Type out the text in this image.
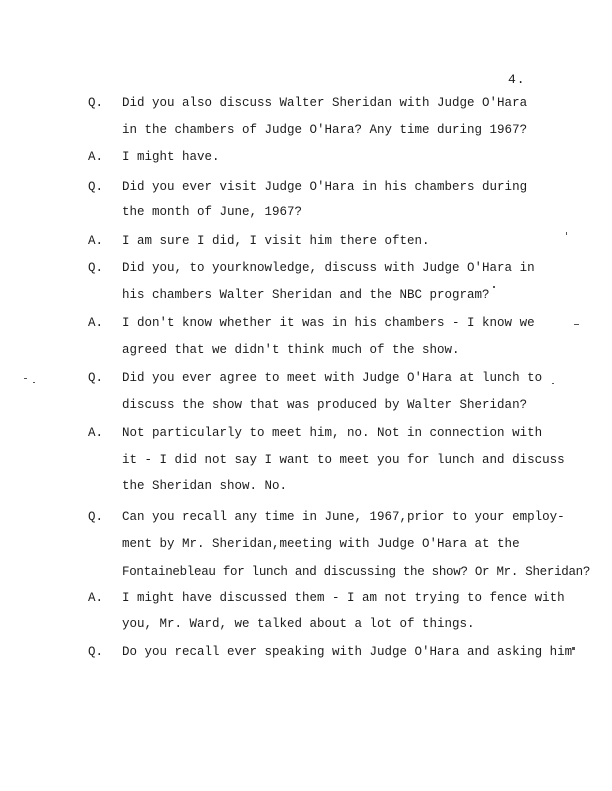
4.
Q. Did you also discuss Walter Sheridan with Judge O'Hara
in the chambers of Judge O'Hara? Any time during 1967?
A. I might have.
Q. Did you ever visit Judge O'Hara in his chambers during
the month of June, 1967?
A. I am sure I did, I visit him there often.
Q. Did you, to yourknowledge, discuss with Judge O'Hara in
his chambers Walter Sheridan and the NBC program?
A. I don't know whether it was in his chambers - I know we
agreed that we didn't think much of the show.
Q. Did you ever agree to meet with Judge O'Hara at lunch to
discuss the show that was produced by Walter Sheridan?
A. Not particularly to meet him, no. Not in connection with
it - I did not say I want to meet you for lunch and discuss
the Sheridan show. No.
Q. Can you recall any time in June, 1967,prior to your employ-
ment by Mr. Sheridan,meeting with Judge O'Hara at the
Fontainebleau for lunch and discussing the show? Or Mr. Sheridan?
A. I might have discussed them - I am not trying to fence with
you, Mr. Ward, we talked about a lot of things.
Q. Do you recall ever speaking with Judge O'Hara and asking him
